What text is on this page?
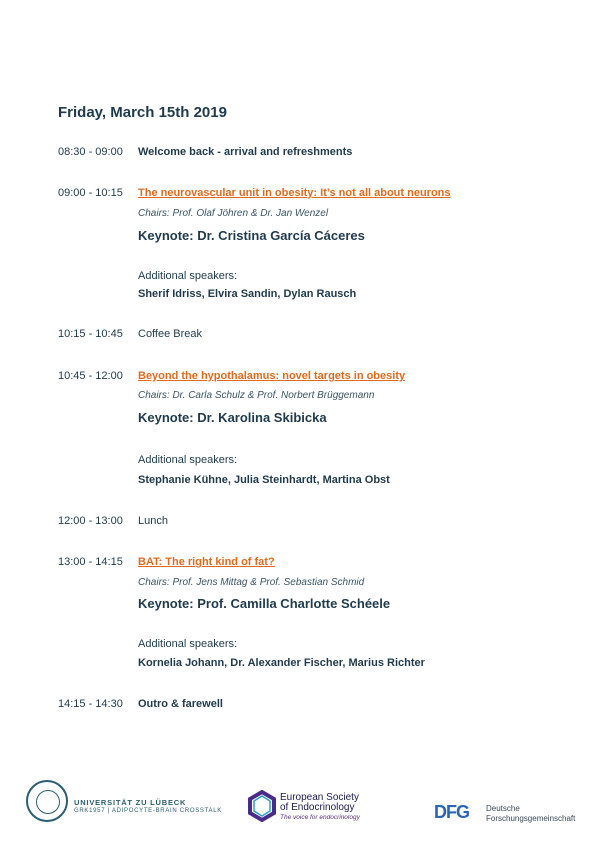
Friday, March 15th 2019
08:30 - 09:00 Welcome back - arrival and refreshments
09:00 - 10:15 The neurovascular unit in obesity: It’s not all about neurons
Chairs: Prof. Olaf Jöhren & Dr. Jan Wenzel
Keynote: Dr. Cristina García Cáceres
Additional speakers:
Sherif Idriss, Elvira Sandin, Dylan Rausch
10:15 - 10:45 Coffee Break
10:45 - 12:00 Beyond the hypothalamus: novel targets in obesity
Chairs: Dr. Carla Schulz & Prof. Norbert Brüggemann
Keynote: Dr. Karolina Skibicka
Additional speakers:
Stephanie Kühne, Julia Steinhardt, Martina Obst
12:00 - 13:00 Lunch
13:00 - 14:15 BAT: The right kind of fat?
Chairs: Prof. Jens Mittag & Prof. Sebastian Schmid
Keynote: Prof. Camilla Charlotte Schéele
Additional speakers:
Kornelia Johann, Dr. Alexander Fischer, Marius Richter
14:15 - 14:30 Outro & farewell
UNIVERSITÄT ZU LÜBECK
GRK1957 | ADIPOCYTE-BRAIN CROSSTALK
European Society
of Endocrinology
The voice for endocrinology	DFG Deutsche
Forschungsgemeinschaft
